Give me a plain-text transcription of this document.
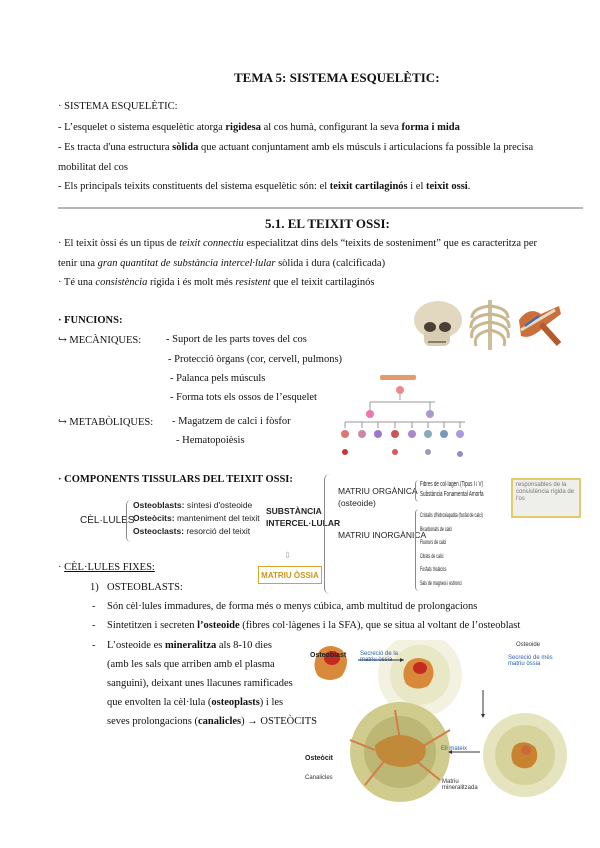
TEMA 5: SISTEMA ESQUELÈTIC:
· SISTEMA ESQUELÈTIC:
- L’esquelet o sistema esquelètic atorga rigidesa al cos humà, configurant la seva forma i mida
- Es tracta d'una estructura sòlida que actuant conjuntament amb els músculs i articulacions fa possible la precisa
mobilitat del cos
- Els principals teixits constituents del sistema esquelètic són: el teixit cartilaginós i el teixit ossi.
5.1. EL TEIXIT OSSI:
· El teixit òssi és un tipus de teixit connectiu especialitzat dins dels “teixits de sosteniment” que es caracteritza per
tenir una gran quantitat de substància intercel·lular sòlida i dura (calcificada)
· Té una consistència rígida i és molt més resistent que el teixit cartilaginós
· FUNCIONS:
↪ MECÀNIQUES: - Suport de les parts toves del cos
- Protecció òrgans (cor, cervell, pulmons)
- Palanca pels músculs
- Forma tots els ossos de l’esquelet
↪ METABÒLIQUES: - Magatzem de calci i fòsfor
- Hematopoièsis
· COMPONENTS TISSULARS DEL TEIXIT OSSI:
CÈL·LULES
Osteoblasts: síntesi d'osteoide
Osteòcits: manteniment del teixit
Osteoclasts: resorció del teixit
SUBSTÀNCIA
INTERCEL·LULAR
⇩
MATRIU ÒSSIA
MATRIU ORGÀNICA
(osteoide)
Fibres de col·lagen (Tipus I i V)
Substància Fonamental Amorfa
MATRIU INORGÀNICA
Cristalls d'hidroxiapatita (fosfat de calci)
Bicarbonats de calci
Fluorurs de calci
Citrats de calci
Fosfats tricàlcics
Sals de magnesi i estronci
responsables de la consistència rígida de l'os
· CÈL·LULES FIXES:
1) OSTEOBLASTS:
- Són cèl·lules immadures, de forma més o menys cúbica, amb multitud de prolongacions
- Sintetitzen i secreten l’osteoide (fibres col·làgenes i la SFA), que se situa al voltant de l’osteoblast
- L’osteoide es mineralitza als 8-10 dies
(amb les sals que arriben amb el plasma
sanguini), deixant unes llacunes ramificades
que envolten la cèl·lula (osteoplasts) i les
seves prolongacions (canalicles) → OSTEÒCITS
Osteoblast Secreció de la matriu òssia
Osteoide
Secreció de més matriu òssia
Ell mateix
Osteòcit
Canalicles
Matriu mineralitzada
